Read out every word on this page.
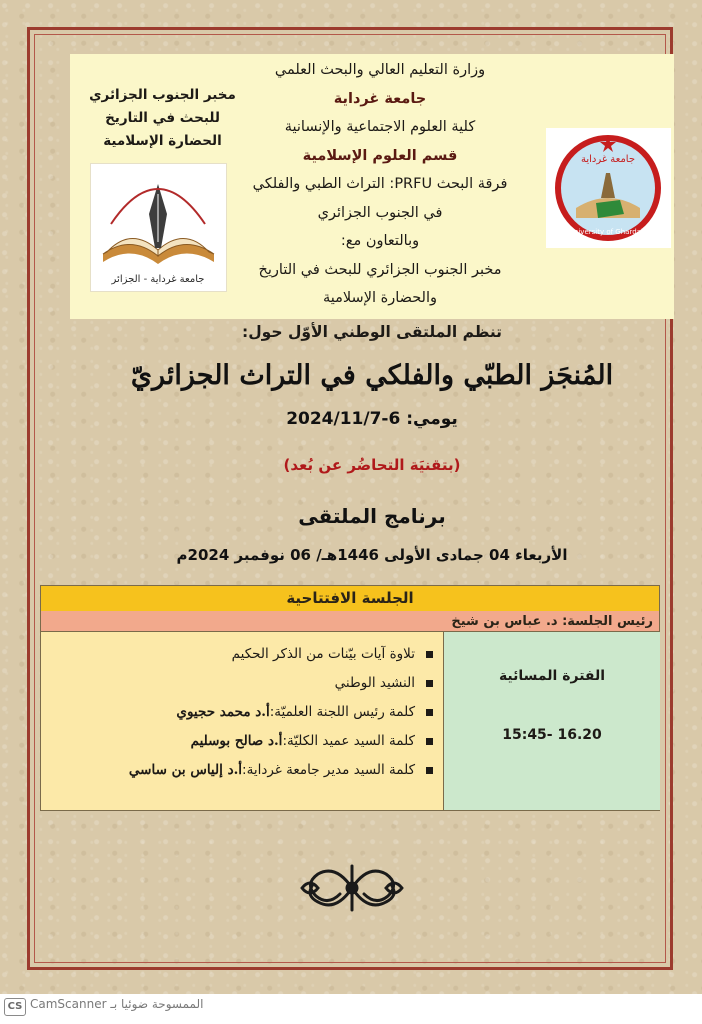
وزارة التعليم العالي والبحث العلمي
جامعة غرداية
كلية العلوم الاجتماعية والإنسانية
قسم العلوم الإسلامية
فرقة البحث PRFU: التراث الطبي والفلكي
في الجنوب الجزائري
وبالتعاون مع:
مخبر الجنوب الجزائري للبحث في التاريخ
والحضارة الإسلامية
مخبر الجنوب الجزائري للبحث في التاريخ الحضارة الإسلامية
جامعة غرداية - الجزائر
جامعة غرداية
University of Ghardaia
تنظم الملتقى الوطني الأوّل حول:
المُنجَز الطبّي والفلكي في التراث الجزائريّ
يومي: 6-2024/11/7
(بتقنيَة التحاضُر عن بُعد)
برنامج الملتقى
الأربعاء 04 جمادى الأولى 1446هـ/ 06 نوفمبر 2024م
الجلسة الافتتاحية
رئيس الجلسة: د. عباس بن شيخ
الفترة المسائية
15:45- 16.20
تلاوة آيات بيّنات من الذكر الحكيم
النشيد الوطني
كلمة رئيس اللجنة العلميّة:أ.د محمد حجيوي
كلمة السيد عميد الكليّة:أ.د صالح بوسليم
كلمة السيد مدير جامعة غرداية:أ.د إلياس بن ساسي
CS الممسوحة ضوئيا بـ CamScanner
